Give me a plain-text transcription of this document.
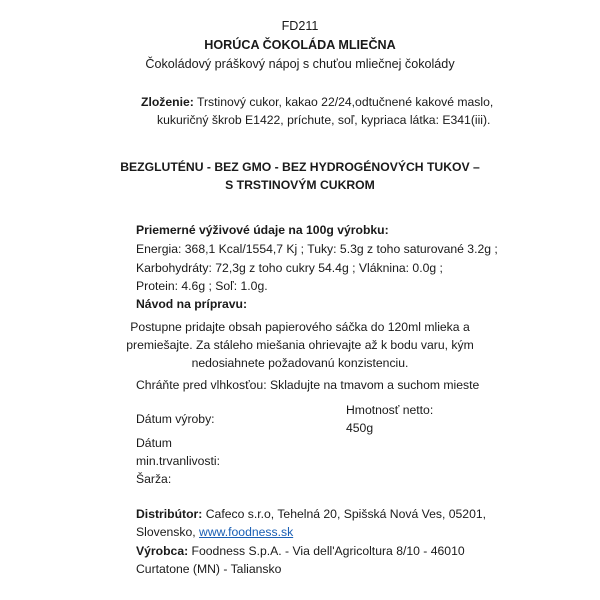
FD211
HORÚCA ČOKOLÁDA MLIEČNA
Čokoládový práškový nápoj s chuťou mliečnej čokolády
Zloženie: Trstinový cukor, kakao 22/24,odtučnené kakové maslo,
kukuričný škrob E1422, príchute, soľ, kypriaca látka: E341(iii).
BEZGLUTÉNU - BEZ GMO - BEZ HYDROGÉNOVÝCH TUKOV –
S TRSTINOVÝM CUKROM
Priemerné výživové údaje na 100g výrobku:
Energia: 368,1 Kcal/1554,7 Kj ; Tuky: 5.3g z toho saturované 3.2g ;
Karbohydráty: 72,3g z toho cukry 54.4g ; Vláknina: 0.0g ;
Protein: 4.6g ; Soľ: 1.0g.
Návod na prípravu:
Postupne pridajte obsah papierového sáčka do 120ml mlieka a
premiešajte. Za stáleho miešania ohrievajte až k bodu varu, kým
nedosiahnete požadovanú konzistenciu.
Chráňte pred vlhkosťou: Skladujte na tmavom a suchom mieste
Hmotnosť netto:
Dátum výroby:
450g
Dátum
min.trvanlivosti:
Šarža:
Distribútor: Cafeco s.r.o, Tehelná 20, Spišská Nová Ves, 05201,
Slovensko, www.foodness.sk
Výrobca: Foodness S.p.A. - Via dell'Agricoltura 8/10 - 46010
Curtatone (MN) - Taliansko
